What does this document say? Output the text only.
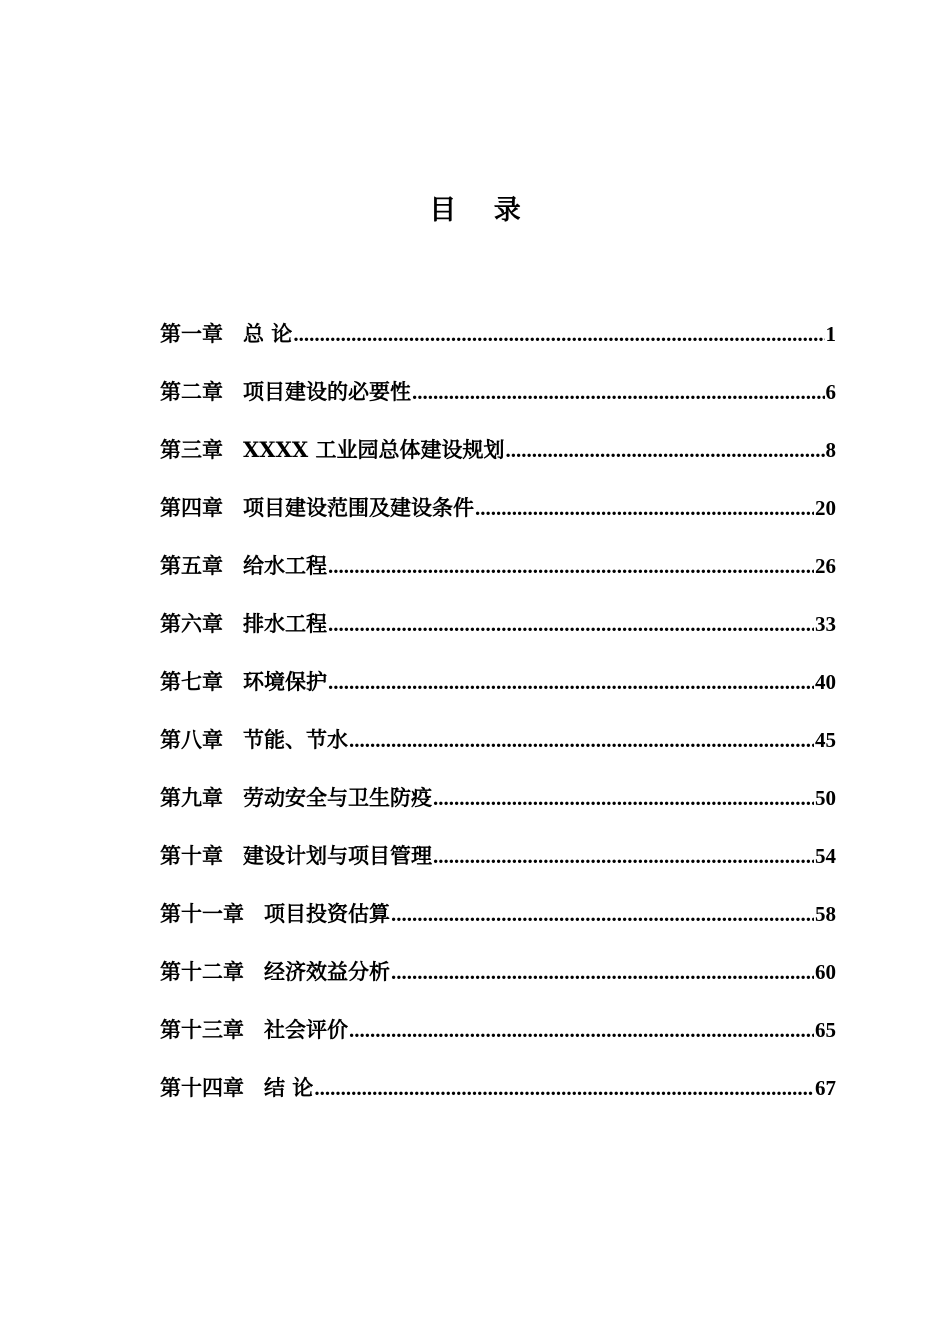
目 录
第一章 总 论 .....	1
第二章 项目建设的必要性 .....	6
第三章 XXXX 工业园总体建设规划 .....	8
第四章 项目建设范围及建设条件 .....	20
第五章 给水工程 .....	26
第六章 排水工程 .....	33
第七章 环境保护 .....	40
第八章 节能、节水 .....	45
第九章 劳动安全与卫生防疫 .....	50
第十章 建设计划与项目管理 .....	54
第十一章 项目投资估算 .....	58
第十二章 经济效益分析 .....	60
第十三章 社会评价 .....	65
第十四章 结 论 .....	67
